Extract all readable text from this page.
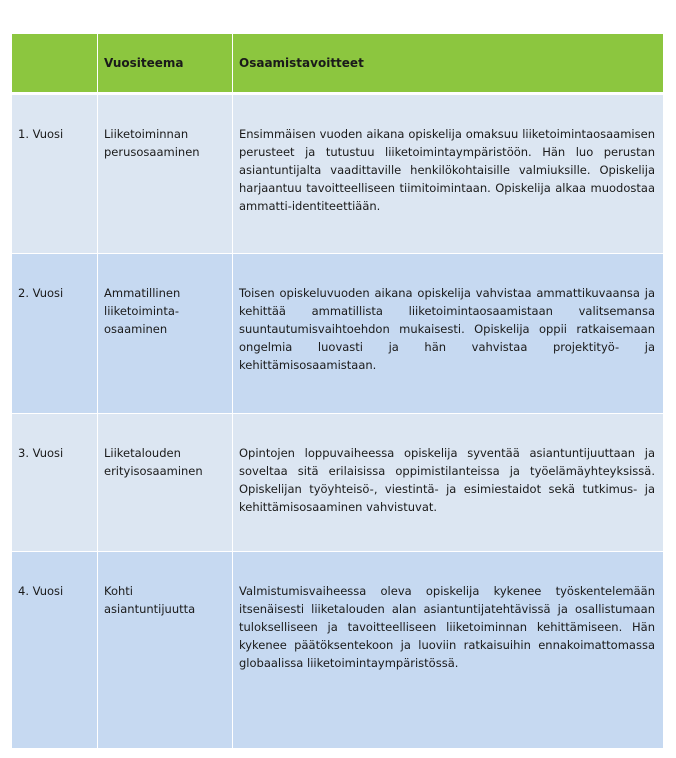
	Vuositeema	Osaamistavoitteet
1. Vuosi	Liiketoiminnan perusosaaminen	Ensimmäisen vuoden aikana opiskelija omaksuu liiketoimintaosaamisen perusteet ja tutustuu liiketoimintaympäristöön. Hän luo perustan asiantuntijalta vaadittaville henkilökohtaisille valmiuksille. Opiskelija harjaantuu tavoitteelliseen tiimitoimintaan. Opiskelija alkaa muodostaa ammatti-identiteettiään.
2. Vuosi	Ammatillinen liiketoiminta-osaaminen	Toisen opiskeluvuoden aikana opiskelija vahvistaa ammattikuvaansa ja kehittää ammatillista liiketoimintaosaamistaan valitsemansa suuntautumisvaihtoehdon mukaisesti. Opiskelija oppii ratkaisemaan ongelmia luovasti ja hän vahvistaa projektityö- ja kehittämisosaamistaan.
3. Vuosi	Liiketalouden erityisosaaminen	Opintojen loppuvaiheessa opiskelija syventää asiantuntijuuttaan ja soveltaa sitä erilaisissa oppimistilanteissa ja työelämäyhteyksissä. Opiskelijan työyhteisö-, viestintä- ja esimiestaidot sekä tutkimus- ja kehittämisosaaminen vahvistuvat.
4. Vuosi	Kohti asiantuntijuutta	Valmistumisvaiheessa oleva opiskelija kykenee työskentelemään itsenäisesti liiketalouden alan asiantuntijatehtävissä ja osallistumaan tulokselliseen ja tavoitteelliseen liiketoiminnan kehittämiseen. Hän kykenee päätöksentekoon ja luoviin ratkaisuihin ennakoimattomassa globaalissa liiketoimintaympäristössä.
